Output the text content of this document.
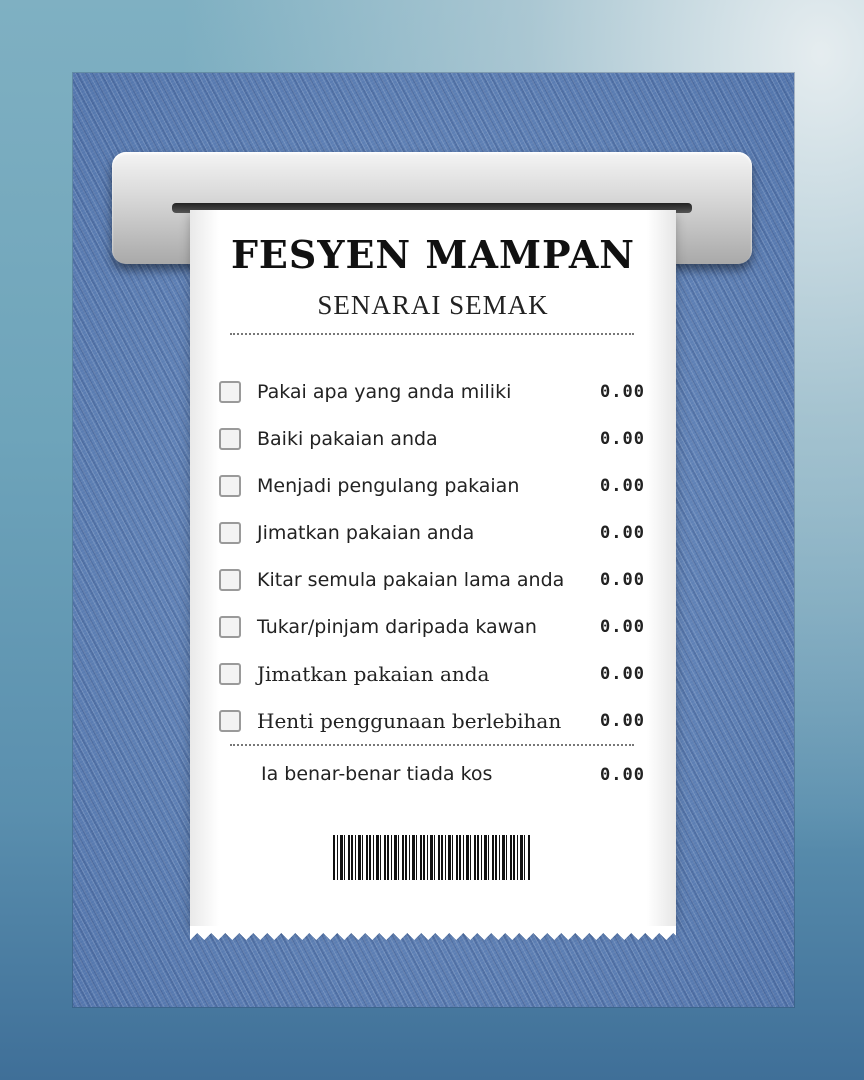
FESYEN MAMPAN
SENARAI SEMAK
Pakai apa yang anda miliki	0.00
Baiki pakaian anda	0.00
Menjadi pengulang pakaian	0.00
Jimatkan pakaian anda	0.00
Kitar semula pakaian lama anda 0.00
Tukar/pinjam daripada kawan	0.00
Jimatkan pakaian anda	0.00
Henti penggunaan berlebihan 0.00
Ia benar-benar tiada kos	0.00
